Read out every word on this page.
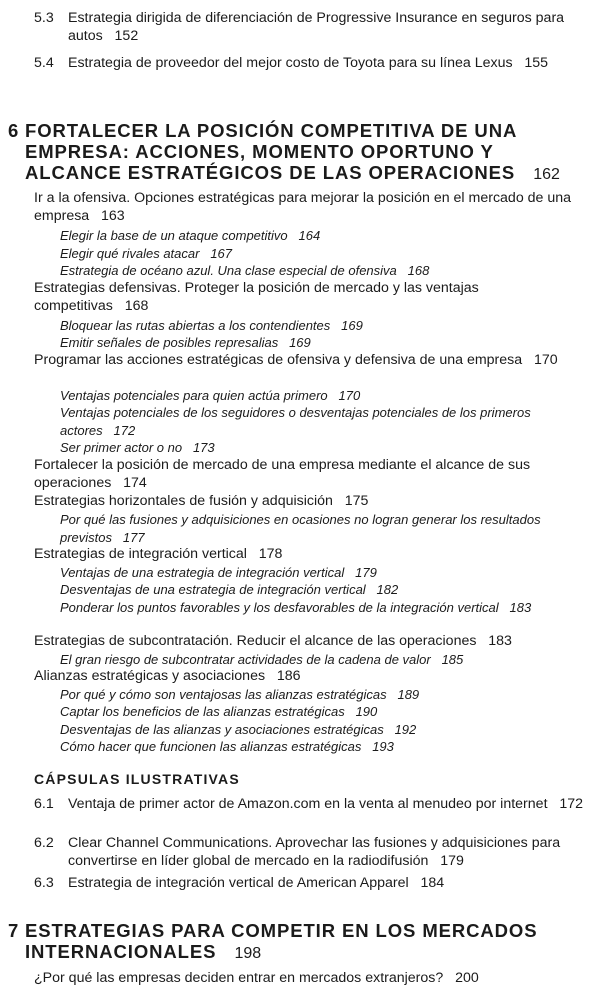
5.3 Estrategia dirigida de diferenciación de Progressive Insurance en seguros para autos 152
5.4 Estrategia de proveedor del mejor costo de Toyota para su línea Lexus 155
6 FORTALECER LA POSICIÓN COMPETITIVA DE UNA EMPRESA: ACCIONES, MOMENTO OPORTUNO Y ALCANCE ESTRATÉGICOS DE LAS OPERACIONES 162
Ir a la ofensiva. Opciones estratégicas para mejorar la posición en el mercado de una empresa 163
Elegir la base de un ataque competitivo 164
Elegir qué rivales atacar 167
Estrategia de océano azul. Una clase especial de ofensiva 168
Estrategias defensivas. Proteger la posición de mercado y las ventajas competitivas 168
Bloquear las rutas abiertas a los contendientes 169
Emitir señales de posibles represalias 169
Programar las acciones estratégicas de ofensiva y defensiva de una empresa 170
Ventajas potenciales para quien actúa primero 170
Ventajas potenciales de los seguidores o desventajas potenciales de los primeros actores 172
Ser primer actor o no 173
Fortalecer la posición de mercado de una empresa mediante el alcance de sus operaciones 174
Estrategias horizontales de fusión y adquisición 175
Por qué las fusiones y adquisiciones en ocasiones no logran generar los resultados previstos 177
Estrategias de integración vertical 178
Ventajas de una estrategia de integración vertical 179
Desventajas de una estrategia de integración vertical 182
Ponderar los puntos favorables y los desfavorables de la integración vertical 183
Estrategias de subcontratación. Reducir el alcance de las operaciones 183
El gran riesgo de subcontratar actividades de la cadena de valor 185
Alianzas estratégicas y asociaciones 186
Por qué y cómo son ventajosas las alianzas estratégicas 189
Captar los beneficios de las alianzas estratégicas 190
Desventajas de las alianzas y asociaciones estratégicas 192
Cómo hacer que funcionen las alianzas estratégicas 193
CÁPSULAS ILUSTRATIVAS
6.1 Ventaja de primer actor de Amazon.com en la venta al menudeo por internet 172
6.2 Clear Channel Communications. Aprovechar las fusiones y adquisiciones para convertirse en líder global de mercado en la radiodifusión 179
6.3 Estrategia de integración vertical de American Apparel 184
7 ESTRATEGIAS PARA COMPETIR EN LOS MERCADOS INTERNACIONALES 198
¿Por qué las empresas deciden entrar en mercados extranjeros? 200
